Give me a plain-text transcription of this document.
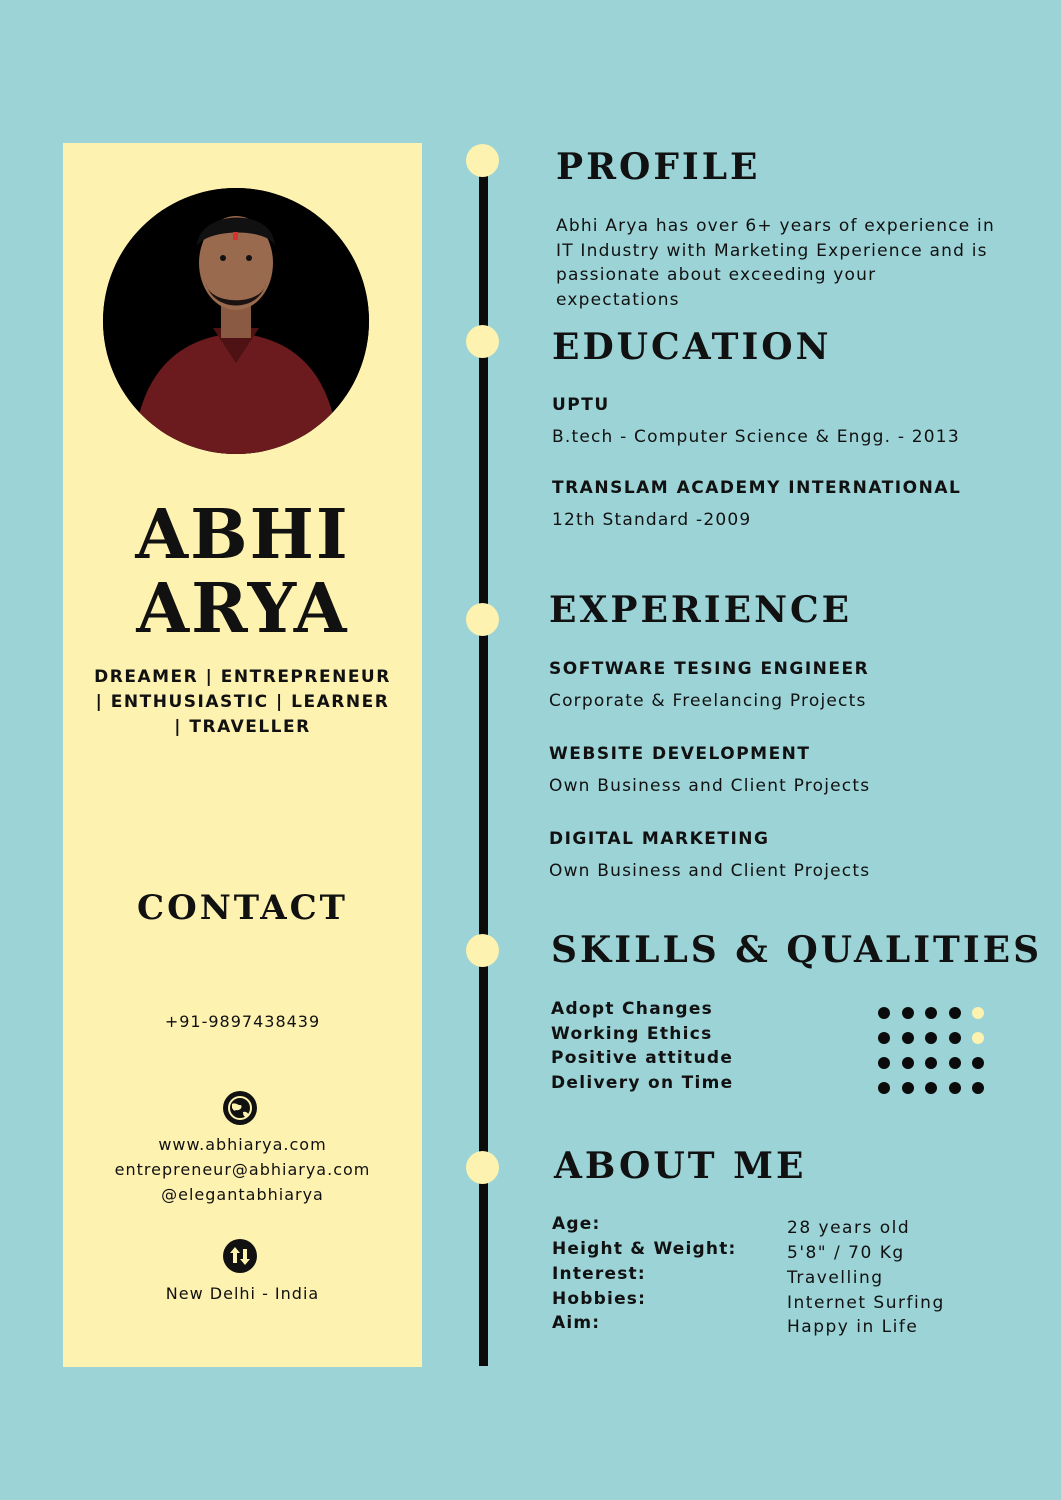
ABHI
ARYA
DREAMER | ENTREPRENEUR | ENTHUSIASTIC | LEARNER | TRAVELLER
CONTACT
+91-9897438439
www.abhiarya.com
entrepreneur@abhiarya.com
@elegantabhiarya
New Delhi - India
PROFILE
Abhi Arya has over 6+ years of experience in IT Industry with Marketing Experience and is passionate about exceeding your expectations
EDUCATION
UPTU
B.tech - Computer Science & Engg. - 2013
TRANSLAM ACADEMY INTERNATIONAL
12th Standard -2009
EXPERIENCE
SOFTWARE TESING ENGINEER
Corporate & Freelancing Projects
WEBSITE DEVELOPMENT
Own Business and Client Projects
DIGITAL MARKETING
Own Business and Client Projects
SKILLS & QUALITIES
Adopt Changes
Working Ethics
Positive attitude
Delivery on Time
ABOUT ME
Age:
Height & Weight:
Interest:
Hobbies:
Aim:
28 years old
5'8" / 70 Kg
Travelling
Internet Surfing
Happy in Life
